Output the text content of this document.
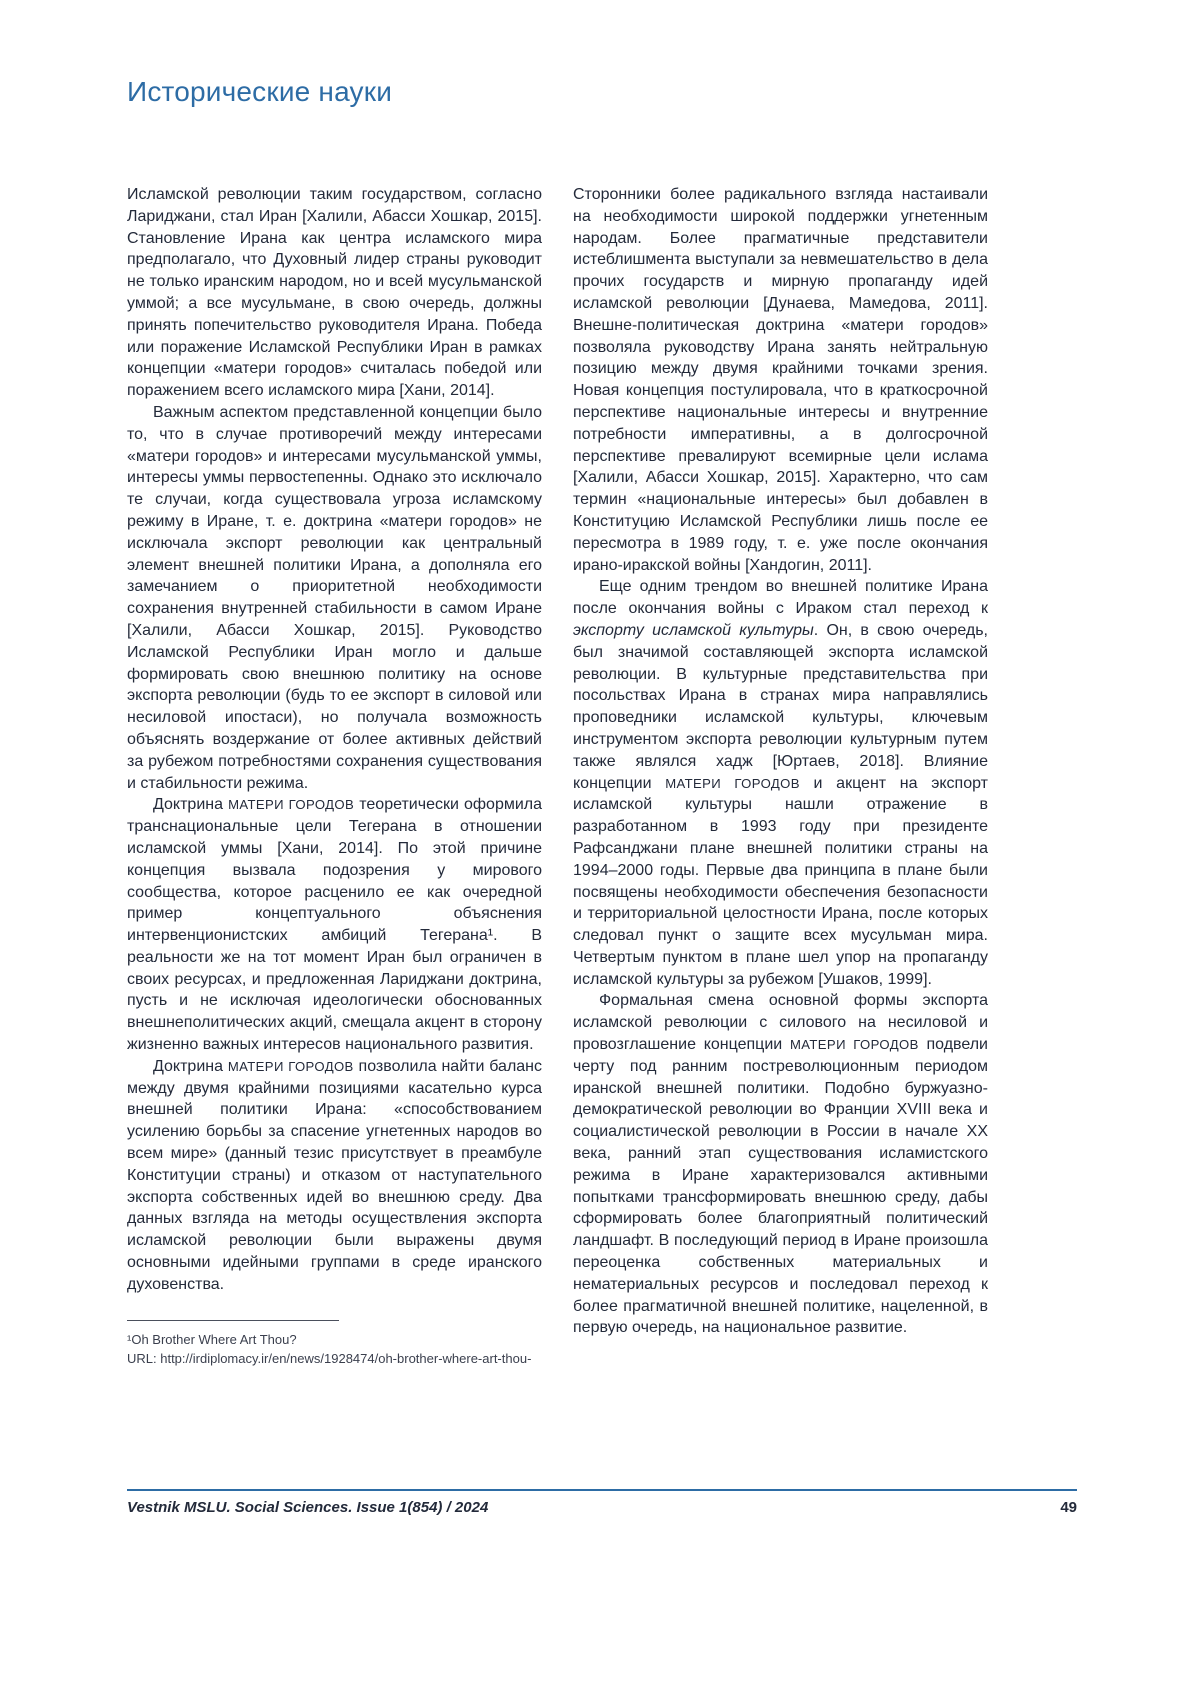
Исторические науки

Исламской революции таким государством, согласно Лариджани, стал Иран [Халили, Абасси Хошкар, 2015]. Становление Ирана как центра исламского мира предполагало, что Духовный лидер страны руководит не только иранским народом, но и всей мусульманской уммой; а все мусульмане, в свою очередь, должны принять попечительство руководителя Ирана. Победа или поражение Исламской Республики Иран в рамках концепции «матери городов» считалась победой или поражением всего исламского мира [Хани, 2014].

Важным аспектом представленной концепции было то, что в случае противоречий между интересами «матери городов» и интересами мусульманской уммы, интересы уммы первостепенны. Однако это исключало те случаи, когда существовала угроза исламскому режиму в Иране, т. е. доктрина «матери городов» не исключала экспорт революции как центральный элемент внешней политики Ирана, а дополняла его замечанием о приоритетной необходимости сохранения внутренней стабильности в самом Иране [Халили, Абасси Хошкар, 2015]. Руководство Исламской Республики Иран могло и дальше формировать свою внешнюю политику на основе экспорта революции (будь то ее экспорт в силовой или несиловой ипостаси), но получала возможность объяснять воздержание от более активных действий за рубежом потребностями сохранения существования и стабильности режима.

Доктрина МАТЕРИ ГОРОДОВ теоретически оформила транснациональные цели Тегерана в отношении исламской уммы [Хани, 2014]. По этой причине концепция вызвала подозрения у мирового сообщества, которое расценило ее как очередной пример концептуального объяснения интервенционистских амбиций Тегерана¹. В реальности же на тот момент Иран был ограничен в своих ресурсах, и предложенная Лариджани доктрина, пусть и не исключая идеологически обоснованных внешнеполитических акций, смещала акцент в сторону жизненно важных интересов национального развития.

Доктрина МАТЕРИ ГОРОДОВ позволила найти баланс между двумя крайними позициями касательно курса внешней политики Ирана: «способствованием усилению борьбы за спасение угнетенных народов во всем мире» (данный тезис присутствует в преамбуле Конституции страны) и отказом от наступательного экспорта собственных идей во внешнюю среду. Два данных взгляда на методы осуществления экспорта исламской революции были выражены двумя основными идейными группами в среде иранского духовенства.

¹Oh Brother Where Art Thou?
URL: http://irdiplomacy.ir/en/news/1928474/oh-brother-where-art-thou-

Сторонники более радикального взгляда настаивали на необходимости широкой поддержки угнетенным народам. Более прагматичные представители истеблишмента выступали за невмешательство в дела прочих государств и мирную пропаганду идей исламской революции [Дунаева, Мамедова, 2011]. Внешне-политическая доктрина «матери городов» позволяла руководству Ирана занять нейтральную позицию между двумя крайними точками зрения. Новая концепция постулировала, что в краткосрочной перспективе национальные интересы и внутренние потребности императивны, а в долгосрочной перспективе превалируют всемирные цели ислама [Халили, Абасси Хошкар, 2015]. Характерно, что сам термин «национальные интересы» был добавлен в Конституцию Исламской Республики лишь после ее пересмотра в 1989 году, т. е. уже после окончания ирано-иракской войны [Хандогин, 2011].

Еще одним трендом во внешней политике Ирана после окончания войны с Ираком стал переход к экспорту исламской культуры. Он, в свою очередь, был значимой составляющей экспорта исламской революции. В культурные представительства при посольствах Ирана в странах мира направлялись проповедники исламской культуры, ключевым инструментом экспорта революции культурным путем также являлся хадж [Юртаев, 2018]. Влияние концепции МАТЕРИ ГОРОДОВ и акцент на экспорт исламской культуры нашли отражение в разработанном в 1993 году при президенте Рафсанджани плане внешней политики страны на 1994–2000 годы. Первые два принципа в плане были посвящены необходимости обеспечения безопасности и территориальной целостности Ирана, после которых следовал пункт о защите всех мусульман мира. Четвертым пунктом в плане шел упор на пропаганду исламской культуры за рубежом [Ушаков, 1999].

Формальная смена основной формы экспорта исламской революции с силового на несиловой и провозглашение концепции МАТЕРИ ГОРОДОВ подвели черту под ранним постреволюционным периодом иранской внешней политики. Подобно буржуазно-демократической революции во Франции XVIII века и социалистической революции в России в начале XX века, ранний этап существования исламистского режима в Иране характеризовался активными попытками трансформировать внешнюю среду, дабы сформировать более благоприятный политический ландшафт. В последующий период в Иране произошла переоценка собственных материальных и нематериальных ресурсов и последовал переход к более прагматичной внешней политике, нацеленной, в первую очередь, на национальное развитие.

Vestnik MSLU. Social Sciences. Issue 1(854) / 2024	49
